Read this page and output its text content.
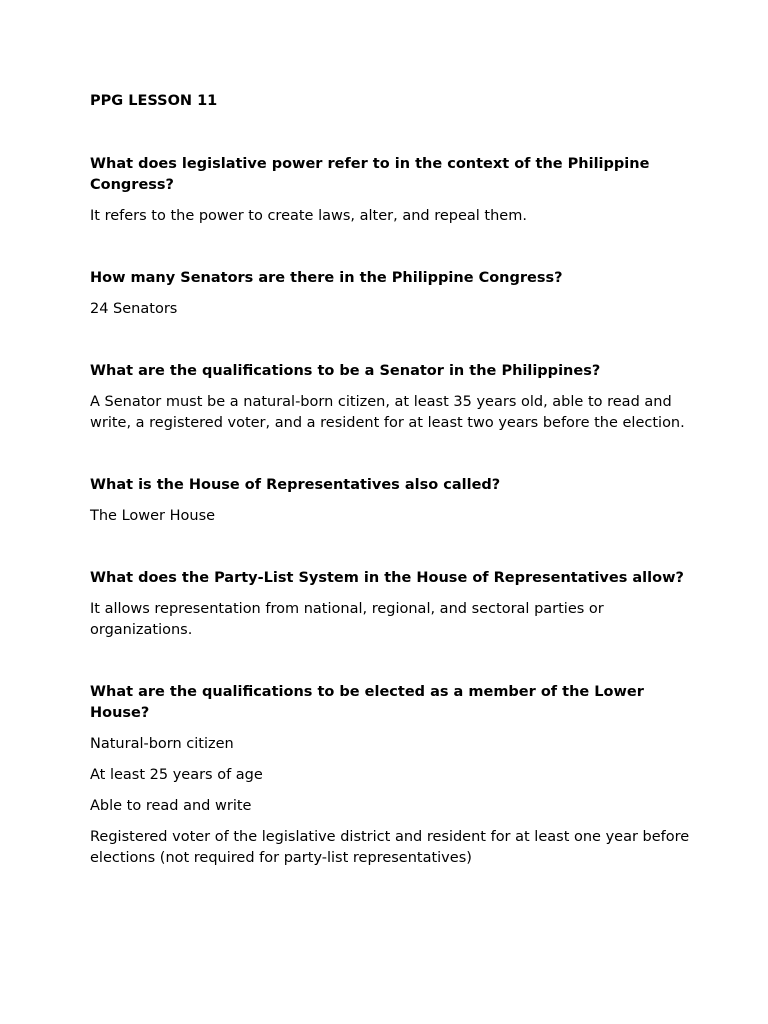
PPG LESSON 11
What does legislative power refer to in the context of the Philippine Congress?
It refers to the power to create laws, alter, and repeal them.
How many Senators are there in the Philippine Congress?
24 Senators
What are the qualifications to be a Senator in the Philippines?
A Senator must be a natural-born citizen, at least 35 years old, able to read and write, a registered voter, and a resident for at least two years before the election.
What is the House of Representatives also called?
The Lower House
What does the Party-List System in the House of Representatives allow?
It allows representation from national, regional, and sectoral parties or organizations.
What are the qualifications to be elected as a member of the Lower House?
Natural-born citizen
At least 25 years of age
Able to read and write
Registered voter of the legislative district and resident for at least one year before elections (not required for party-list representatives)
